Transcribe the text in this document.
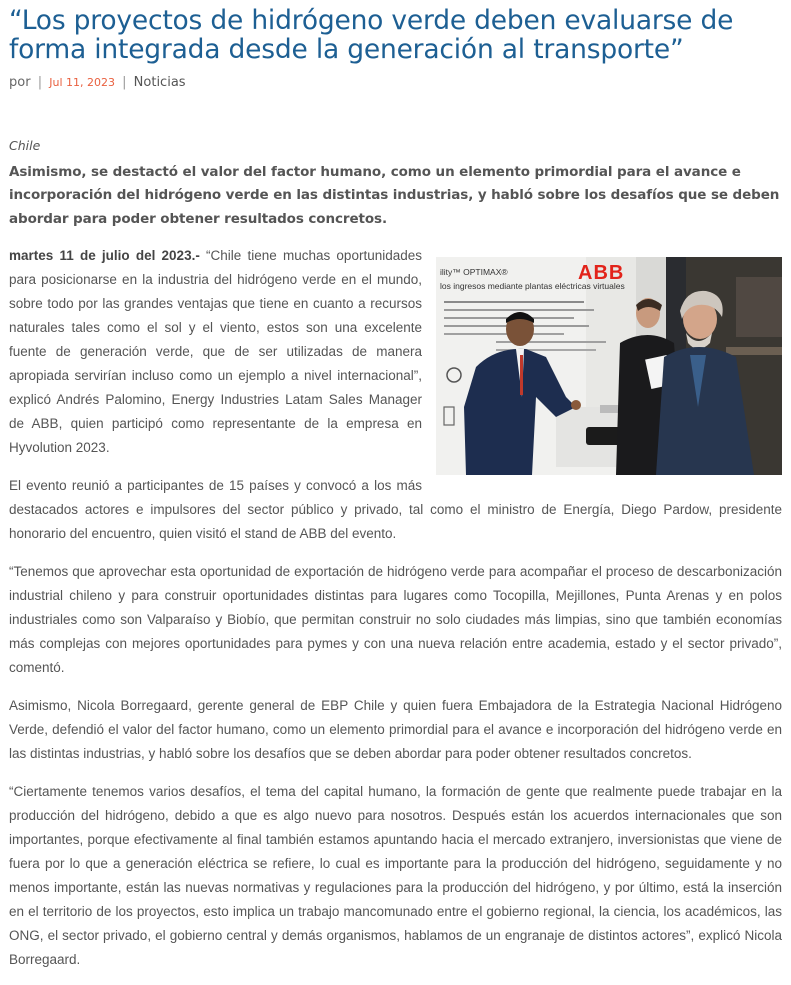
“Los proyectos de hidrógeno verde deben evaluarse de forma integrada desde la generación al transporte”
por | Jul 11, 2023 | Noticias
Chile
Asimismo, se destactó el valor del factor humano, como un elemento primordial para el avance e incorporación del hidrógeno verde en las distintas industrias, y habló sobre los desafíos que se deben abordar para poder obtener resultados concretos.
ABB
ility™ OPTIMAX®
los ingresos mediante plantas eléctricas virtuales

martes 11 de julio del 2023.- “Chile tiene muchas oportunidades para posicionarse en la industria del hidrógeno verde en el mundo, sobre todo por las grandes ventajas que tiene en cuanto a recursos naturales tales como el sol y el viento, estos son una excelente fuente de generación verde, que de ser utilizadas de manera apropiada servirían incluso como un ejemplo a nivel internacional”, explicó Andrés Palomino, Energy Industries Latam Sales Manager de ABB, quien participó como representante de la empresa en Hyvolution 2023.

El evento reunió a participantes de 15 países y convocó a los más destacados actores e impulsores del sector público y privado, tal como el ministro de Energía, Diego Pardow, presidente honorario del encuentro, quien visitó el stand de ABB del evento.

“Tenemos que aprovechar esta oportunidad de exportación de hidrógeno verde para acompañar el proceso de descarbonización industrial chileno y para construir oportunidades distintas para lugares como Tocopilla, Mejillones, Punta Arenas y en polos industriales como son Valparaíso y Biobío, que permitan construir no solo ciudades más limpias, sino que también economías más complejas con mejores oportunidades para pymes y con una nueva relación entre academia, estado y el sector privado”, comentó.

Asimismo, Nicola Borregaard, gerente general de EBP Chile y quien fuera Embajadora de la Estrategia Nacional Hidrógeno Verde, defendió el valor del factor humano, como un elemento primordial para el avance e incorporación del hidrógeno verde en las distintas industrias, y habló sobre los desafíos que se deben abordar para poder obtener resultados concretos.

“Ciertamente tenemos varios desafíos, el tema del capital humano, la formación de gente que realmente puede trabajar en la producción del hidrógeno, debido a que es algo nuevo para nosotros. Después están los acuerdos internacionales que son importantes, porque efectivamente al final también estamos apuntando hacia el mercado extranjero, inversionistas que viene de fuera por lo que a generación eléctrica se refiere, lo cual es importante para la producción del hidrógeno, seguidamente y no menos importante, están las nuevas normativas y regulaciones para la producción del hidrógeno, y por último, está la inserción en el territorio de los proyectos, esto implica un trabajo mancomunado entre el gobierno regional, la ciencia, los académicos, las ONG, el sector privado, el gobierno central y demás organismos, hablamos de un engranaje de distintos actores”, explicó Nicola Borregaard.
